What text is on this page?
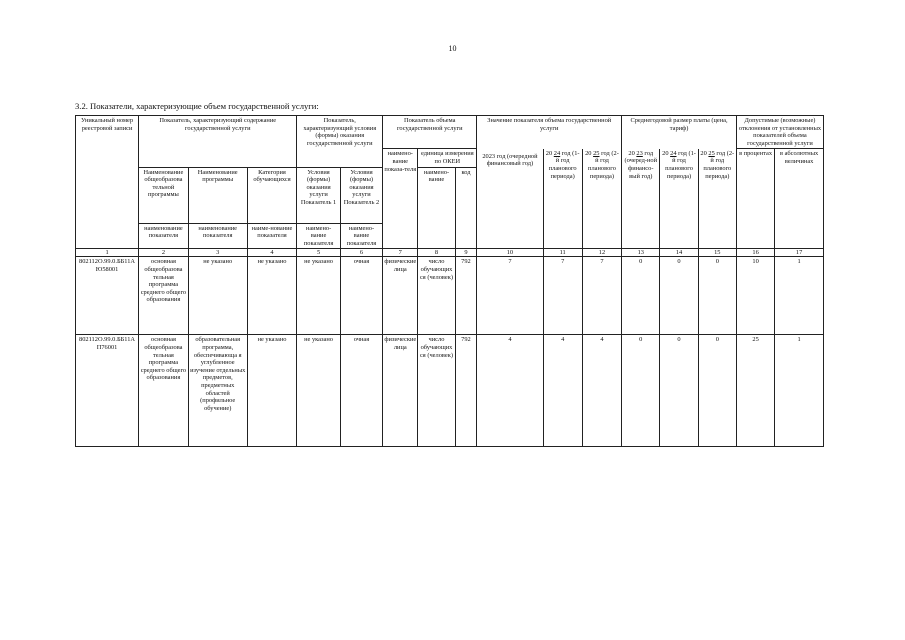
10
3.2. Показатели, характеризующие объем государственной услуги:
Уникальный номер реестровой записи	Показатель, характеризующий содержание государственной услуги			Показатель, характеризующий условия (формы) оказания государственной услуги		Показатель объема государственной услуги			Значение показателя объема государственной услуги			Среднегодовой размер платы (цена, тариф)			Допустимые (возможные) отклонения от установленных показателей объема государственной услуги	
						наимено-вание показа-теля	единица измерения по ОКЕИ		2023 год (очередной финансовый год)	20 24 год (1-й год планового периода)	20 25 год (2-й год планового периода)	20 23 год (очеред-ной финансо-вый год)	20 24 год (1-й год планового периода)	20 25 год (2-й год планового периода)	в процентах	в абсолютных величинах
	Наименование общеобразова тельной программы	Наименование программы	Категория обучающихся	Условия (формы) оказания услуги Показатель 1	Условия (формы) оказания услуги Показатель 2		наимено-вание	код								
	наименование показателя	наименование показателя	наиме-нование показателя	наимено-вание показателя	наимено-вание показателя											
1	2	3	4	5	6	7	8	9	10	11	12	13	14	15	16	17
802112О.99.0.ББ11АЮ58001	основная общеобразова тельная программа среднего общего образования	не указано	не указано	не указано	очная	физические лица	число обучающихся (человек)	792	7	7	7	0	0	0	10	1
802112О.99.0.ББ11АП76001	основная общеобразова тельная программа среднего общего образования	образовательная программа, обеспечивающа я углубленное изучение отдельных предметов, предметных областей (профильное обучение)	не указано	не указано	очная	физические лица	число обучающихся (человек)	792	4	4	4	0	0	0	25	1
